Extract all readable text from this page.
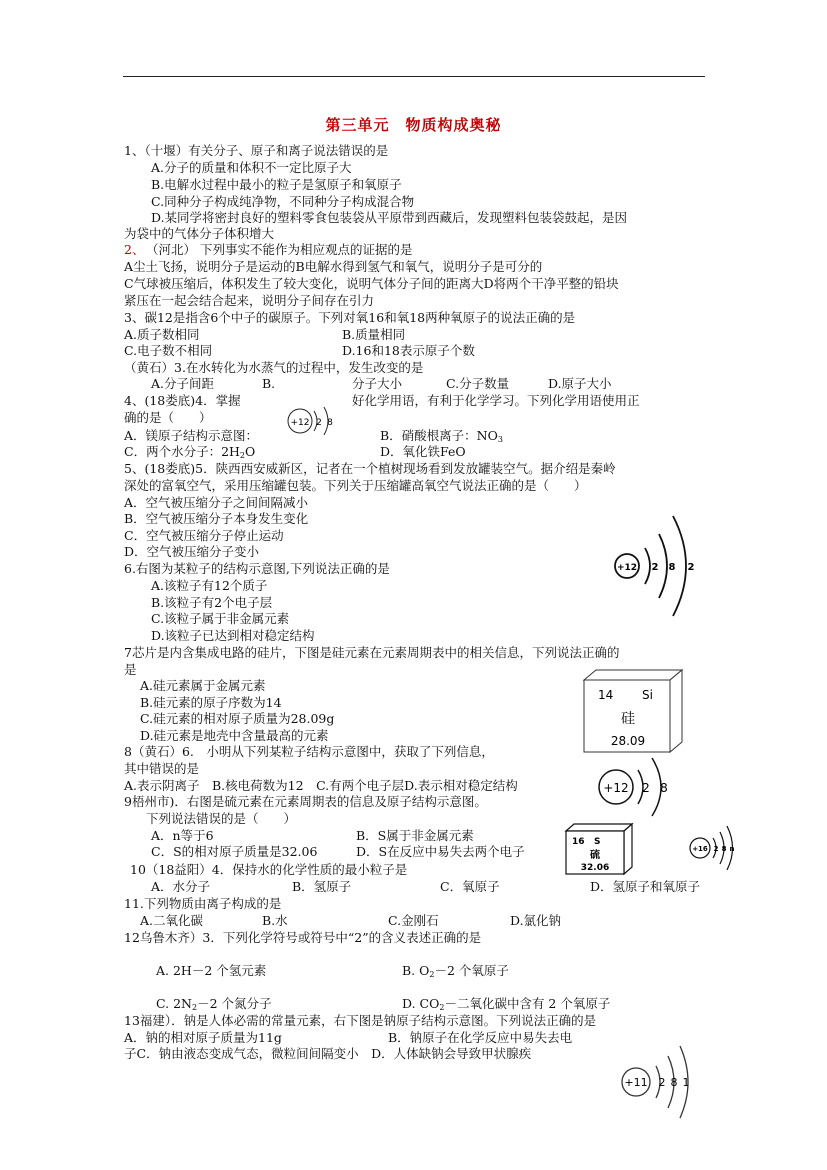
第三单元　物质构成奥秘
1、（十堰）有关分子、原子和离子说法错误的是
A.分子的质量和体积不一定比原子大
B.电解水过程中最小的粒子是氢原子和氧原子
C.同种分子构成纯净物，不同种分子构成混合物
D.某同学将密封良好的塑料零食包装袋从平原带到西藏后，发现塑料包装袋鼓起，是因
为袋中的气体分子体积增大
2、 （河北） 下列事实不能作为相应观点的证据的是
A尘土飞扬，说明分子是运动的B电解水得到氢气和氧气，说明分子是可分的
C气球被压缩后，体积发生了较大变化，说明气体分子间的距离大D将两个干净平整的铅块
紧压在一起会结合起来，说明分子间存在引力
3、碳12是指含6个中子的碳原子。下列对氧16和氧18两种氧原子的说法正确的是
A.质子数相同	B.质量相同
C.电子数不相同	D.16和18表示原子个数
（黄石）3.在水转化为水蒸气的过程中，发生改变的是
A.分子间距	B.	分子大小	C.分子数量	D.原子大小
4、(18娄底)4．掌握	好化学用语，有利于化学学习。下列化学用语使用正
确的是（　　）
A．镁原子结构示意图：	B．硝酸根离子：$NO_3$
C．两个水分子：$2H_2O$	D．氧化铁FeO
5、(18娄底)5．陕西西安威新区，记者在一个植树现场看到发放罐装空气。据介绍是秦岭
深处的富氧空气，采用压缩罐包装。下列关于压缩罐高氧空气说法正确的是（　　）
A．空气被压缩分子之间间隔减小
B．空气被压缩分子本身发生变化
C．空气被压缩分子停止运动
D．空气被压缩分子变小
6.右图为某粒子的结构示意图,下列说法正确的是
A.该粒子有12个质子
B.该粒子有2个电子层
C.该粒子属于非金属元素
D.该粒子已达到相对稳定结构
7芯片是内含集成电路的硅片，下图是硅元素在元素周期表中的相关信息，下列说法正确的
是
A.硅元素属于金属元素
B.硅元素的原子序数为14
C.硅元素的相对原子质量为28.09g
D.硅元素是地壳中含量最高的元素
8（黄石）6.　小明从下列某粒子结构示意图中，获取了下列信息，
其中错误的是
A.表示阴离子　B.核电荷数为12　C.有两个电子层D.表示相对稳定结构
9梧州市)．右图是硫元素在元素周期表的信息及原子结构示意图。
下列说法错误的是（　　）
A．n等于6	B．S属于非金属元素
C．S的相对原子质量是32.06	D．S在反应中易失去两个电子
10（18益阳）4．保持水的化学性质的最小粒子是
A．水分子	B．氢原子	C．氧原子	D．氢原子和氧原子
11.下列物质由离子构成的是
A.二氧化碳	B.水	C.金刚石	D.氯化钠
12乌鲁木齐）3．下列化学符号或符号中“2”的含义表述正确的是
A. 2H－2 个氢元素	B. $O_2-2$ 个氧原子
C. $2N_2-2$ 个氮分子	D. $CO_2-$二氧化碳中含有 2 个氧原子
13福建）．钠是人体必需的常量元素，右下图是钠原子结构示意图。下列说法正确的是
A．钠的相对原子质量为11g	B．钠原子在化学反应中易失去电
子C．钠由液态变成气态，微粒间间隔变小　D．人体缺钠会导致甲状腺疾
+12 2 8
+12 2 8 2
+12 2 8
+16 2 8 n
+11 2 8 1
14 Si
硅
28.09
16 S
硫
32.06
